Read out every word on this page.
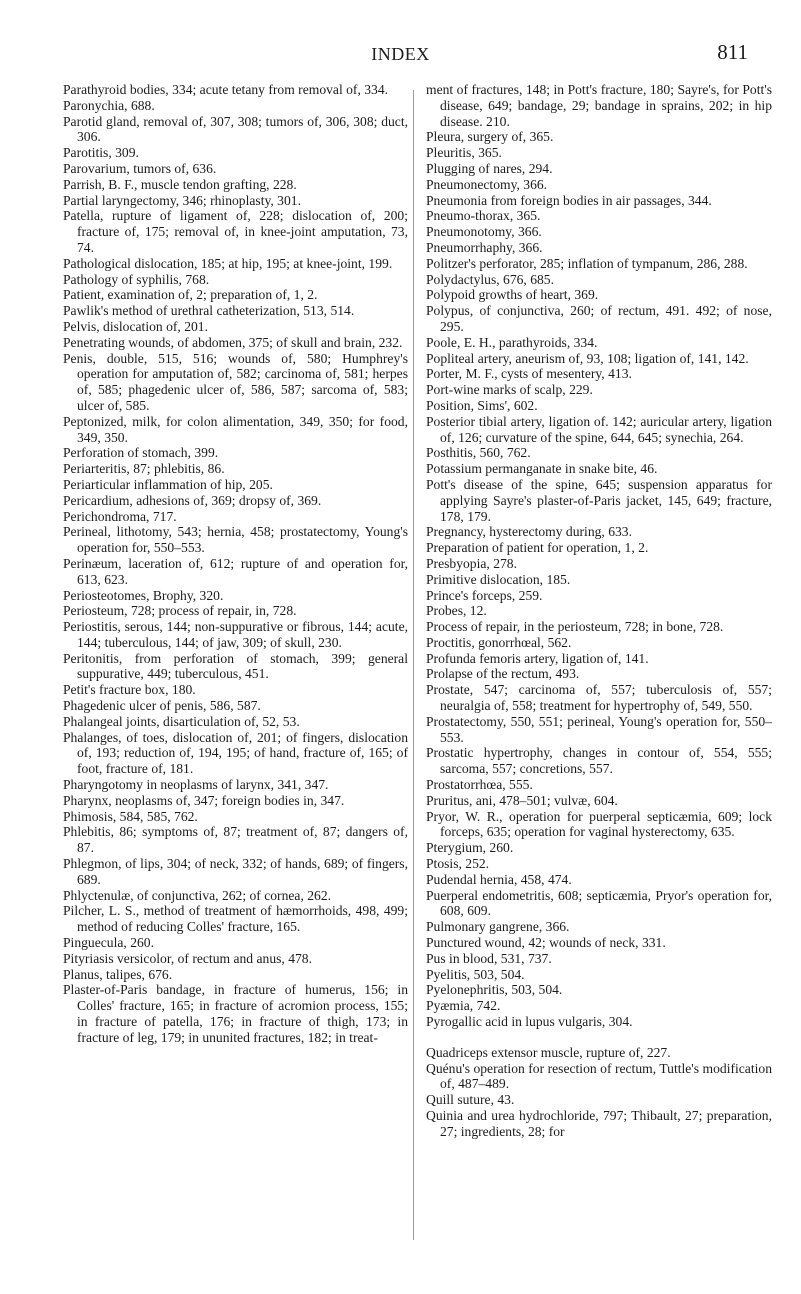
INDEX	811

Parathyroid bodies, 334; acute tetany from removal of, 334.

Paronychia, 688.

Parotid gland, removal of, 307, 308; tumors of, 306, 308; duct, 306.

Parotitis, 309.

Parovarium, tumors of, 636.

Parrish, B. F., muscle tendon grafting, 228.

Partial laryngectomy, 346; rhinoplasty, 301.

Patella, rupture of ligament of, 228; dislocation of, 200; fracture of, 175; removal of, in knee-joint amputation, 73, 74.

Pathological dislocation, 185; at hip, 195; at knee-joint, 199.

Pathology of syphilis, 768.

Patient, examination of, 2; preparation of, 1, 2.

Pawlik's method of urethral catheterization, 513, 514.

Pelvis, dislocation of, 201.

Penetrating wounds, of abdomen, 375; of skull and brain, 232.

Penis, double, 515, 516; wounds of, 580; Humphrey's operation for amputation of, 582; carcinoma of, 581; herpes of, 585; phagedenic ulcer of, 586, 587; sarcoma of, 583; ulcer of, 585.

Peptonized, milk, for colon alimentation, 349, 350; for food, 349, 350.

Perforation of stomach, 399.

Periarteritis, 87; phlebitis, 86.

Periarticular inflammation of hip, 205.

Pericardium, adhesions of, 369; dropsy of, 369.

Perichondroma, 717.

Perineal, lithotomy, 543; hernia, 458; prostatectomy, Young's operation for, 550–553.

Perinæum, laceration of, 612; rupture of and operation for, 613, 623.

Periosteotomes, Brophy, 320.

Periosteum, 728; process of repair, in, 728.

Periostitis, serous, 144; non-suppurative or fibrous, 144; acute, 144; tuberculous, 144; of jaw, 309; of skull, 230.

Peritonitis, from perforation of stomach, 399; general suppurative, 449; tuberculous, 451.

Petit's fracture box, 180.

Phagedenic ulcer of penis, 586, 587.

Phalangeal joints, disarticulation of, 52, 53.

Phalanges, of toes, dislocation of, 201; of fingers, dislocation of, 193; reduction of, 194, 195; of hand, fracture of, 165; of foot, fracture of, 181.

Pharyngotomy in neoplasms of larynx, 341, 347.

Pharynx, neoplasms of, 347; foreign bodies in, 347.

Phimosis, 584, 585, 762.

Phlebitis, 86; symptoms of, 87; treatment of, 87; dangers of, 87.

Phlegmon, of lips, 304; of neck, 332; of hands, 689; of fingers, 689.

Phlyctenulæ, of conjunctiva, 262; of cornea, 262.

Pilcher, L. S., method of treatment of hæmorrhoids, 498, 499; method of reducing Colles' fracture, 165.

Pinguecula, 260.

Pityriasis versicolor, of rectum and anus, 478.

Planus, talipes, 676.

Plaster-of-Paris bandage, in fracture of humerus, 156; in Colles' fracture, 165; in fracture of acromion process, 155; in fracture of patella, 176; in fracture of thigh, 173; in fracture of leg, 179; in ununited fractures, 182; in treat-

ment of fractures, 148; in Pott's fracture, 180; Sayre's, for Pott's disease, 649; bandage, 29; bandage in sprains, 202; in hip disease. 210.

Pleura, surgery of, 365.

Pleuritis, 365.

Plugging of nares, 294.

Pneumonectomy, 366.

Pneumonia from foreign bodies in air passages, 344.

Pneumo-thorax, 365.

Pneumonotomy, 366.

Pneumorrhaphy, 366.

Politzer's perforator, 285; inflation of tympanum, 286, 288.

Polydactylus, 676, 685.

Polypoid growths of heart, 369.

Polypus, of conjunctiva, 260; of rectum, 491. 492; of nose, 295.

Poole, E. H., parathyroids, 334.

Popliteal artery, aneurism of, 93, 108; ligation of, 141, 142.

Porter, M. F., cysts of mesentery, 413.

Port-wine marks of scalp, 229.

Position, Sims', 602.

Posterior tibial artery, ligation of. 142; auricular artery, ligation of, 126; curvature of the spine, 644, 645; synechia, 264.

Posthitis, 560, 762.

Potassium permanganate in snake bite, 46.

Pott's disease of the spine, 645; suspension apparatus for applying Sayre's plaster-of-Paris jacket, 145, 649; fracture, 178, 179.

Pregnancy, hysterectomy during, 633.

Preparation of patient for operation, 1, 2.

Presbyopia, 278.

Primitive dislocation, 185.

Prince's forceps, 259.

Probes, 12.

Process of repair, in the periosteum, 728; in bone, 728.

Proctitis, gonorrhœal, 562.

Profunda femoris artery, ligation of, 141.

Prolapse of the rectum, 493.

Prostate, 547; carcinoma of, 557; tuberculosis of, 557; neuralgia of, 558; treatment for hypertrophy of, 549, 550.

Prostatectomy, 550, 551; perineal, Young's operation for, 550–553.

Prostatic hypertrophy, changes in contour of, 554, 555; sarcoma, 557; concretions, 557.

Prostatorrhœa, 555.

Pruritus, ani, 478–501; vulvæ, 604.

Pryor, W. R., operation for puerperal septicæmia, 609; lock forceps, 635; operation for vaginal hysterectomy, 635.

Pterygium, 260.

Ptosis, 252.

Pudendal hernia, 458, 474.

Puerperal endometritis, 608; septicæmia, Pryor's operation for, 608, 609.

Pulmonary gangrene, 366.

Punctured wound, 42; wounds of neck, 331.

Pus in blood, 531, 737.

Pyelitis, 503, 504.

Pyelonephritis, 503, 504.

Pyæmia, 742.

Pyrogallic acid in lupus vulgaris, 304.

Quadriceps extensor muscle, rupture of, 227.

Quénu's operation for resection of rectum, Tuttle's modification of, 487–489.

Quill suture, 43.

Quinia and urea hydrochloride, 797; Thibault, 27; preparation, 27; ingredients, 28; for
